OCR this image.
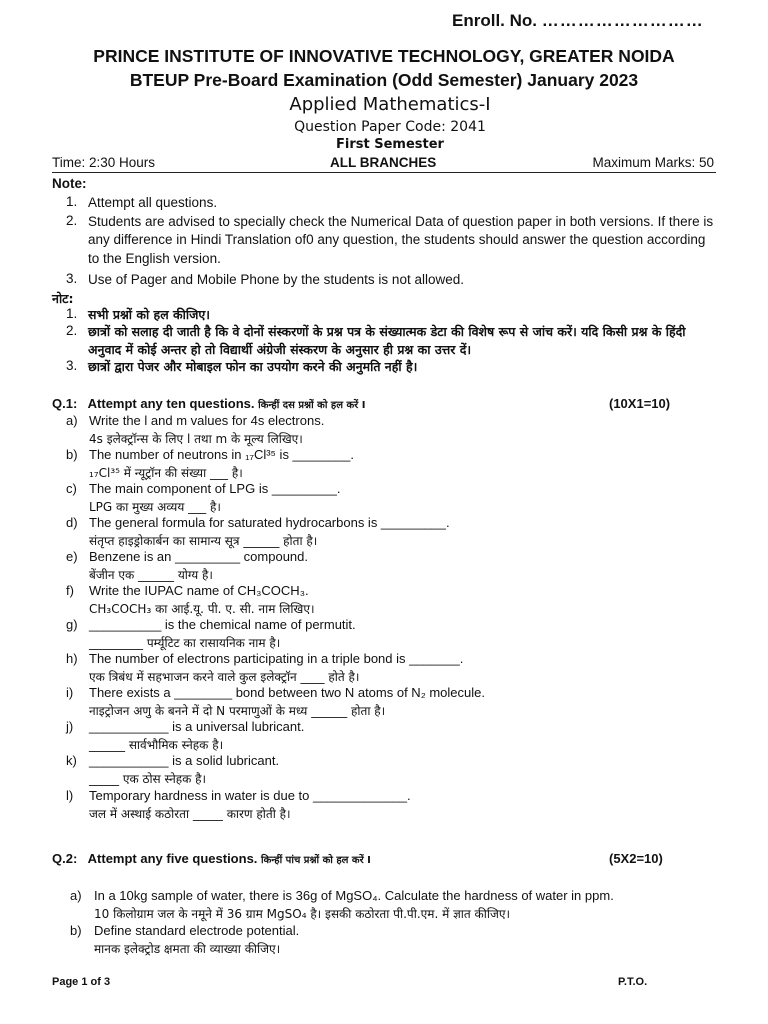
Enroll. No. ………………………
PRINCE INSTITUTE OF INNOVATIVE TECHNOLOGY, GREATER NOIDA
BTEUP Pre-Board Examination (Odd Semester) January 2023
Applied Mathematics-I
Question Paper Code: 2041
First Semester
Time: 2:30 Hours	ALL BRANCHES	Maximum Marks: 50
Note:
1. Attempt all questions.
2. Students are advised to specially check the Numerical Data of question paper in both versions. If there is any difference in Hindi Translation of0 any question, the students should answer the question according to the English version.
3. Use of Pager and Mobile Phone by the students is not allowed.
नोट:
1. सभी प्रश्नों को हल कीजिए।
2. छात्रों को सलाह दी जाती है कि वे दोनों संस्करणों के प्रश्न पत्र के संख्यात्मक डेटा की विशेष रूप से जांच करें। यदि किसी प्रश्न के हिंदी अनुवाद में कोई अन्तर हो तो विद्यार्थी अंग्रेजी संस्करण के अनुसार ही प्रश्न का उत्तर दें।
3. छात्रों द्वारा पेजर और मोबाइल फोन का उपयोग करने की अनुमति नहीं है।
Q.1: Attempt any ten questions. किन्हीं दस प्रश्नों को हल करें I	(10X1=10)
a) Write the l and m values for 4s electrons.
4s इलेक्ट्रॉन्स के लिए l तथा m के मूल्य लिखिए।
b) The number of neutrons in ₁₇Cl³⁵ is ________.
₁₇Cl³⁵ में न्यूट्रॉन की संख्या ___ है।
c) The main component of LPG is _________.
LPG का मुख्य अव्यय ___ है।
d) The general formula for saturated hydrocarbons is _________.
संतृप्त हाइड्रोकार्बन का सामान्य सूत्र ______ होता है।
e) Benzene is an _________ compound.
बेंजीन एक ______ योग्य है।
f) Write the IUPAC name of CH₃COCH₃.
CH₃COCH₃ का आई.यू. पी. ए. सी. नाम लिखिए।
g) __________ is the chemical name of permutit.
_________ पर्म्यूटिट का रासायनिक नाम है।
h) The number of electrons participating in a triple bond is _______.
एक त्रिबंध में सहभाजन करने वाले कुल इलेक्ट्रॉन ____ होते है।
i) There exists a ________ bond between two N atoms of N₂ molecule.
नाइट्रोजन अणु के बनने में दो N परमाणुओं के मध्य ______ होता है।
j) ___________ is a universal lubricant.
______ सार्वभौमिक स्नेहक है।
k) ___________ is a solid lubricant.
_____ एक ठोस स्नेहक है।
l) Temporary hardness in water is due to _____________.
जल में अस्थाई कठोरता _____ कारण होती है।
Q.2: Attempt any five questions. किन्हीं पांच प्रश्नों को हल करें I	(5X2=10)
a) In a 10kg sample of water, there is 36g of MgSO₄. Calculate the hardness of water in ppm.
10 किलोग्राम जल के नमूने में 36 ग्राम MgSO₄ है। इसकी कठोरता पी.पी.एम. में ज्ञात कीजिए।
b) Define standard electrode potential.
मानक इलेक्ट्रोड क्षमता की व्याख्या कीजिए।
Page 1 of 3	P.T.O.
